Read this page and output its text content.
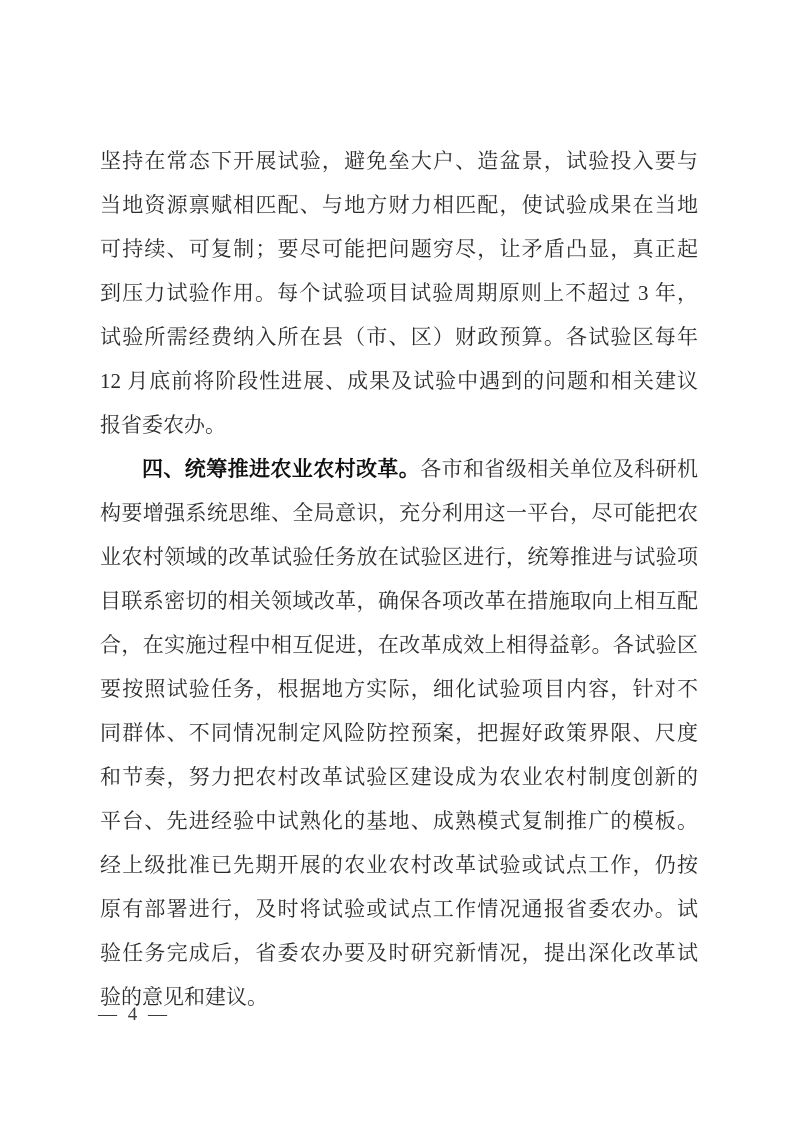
坚持在常态下开展试验，避免垒大户、造盆景，试验投入要与
当地资源禀赋相匹配、与地方财力相匹配，使试验成果在当地
可持续、可复制；要尽可能把问题穷尽，让矛盾凸显，真正起
到压力试验作用。每个试验项目试验周期原则上不超过 3 年，
试验所需经费纳入所在县（市、区）财政预算。各试验区每年
12 月底前将阶段性进展、成果及试验中遇到的问题和相关建议
报省委农办。
四、统筹推进农业农村改革。各市和省级相关单位及科研机
构要增强系统思维、全局意识，充分利用这一平台，尽可能把农
业农村领域的改革试验任务放在试验区进行，统筹推进与试验项
目联系密切的相关领域改革，确保各项改革在措施取向上相互配
合，在实施过程中相互促进，在改革成效上相得益彰。各试验区
要按照试验任务，根据地方实际，细化试验项目内容，针对不
同群体、不同情况制定风险防控预案，把握好政策界限、尺度
和节奏，努力把农村改革试验区建设成为农业农村制度创新的
平台、先进经验中试熟化的基地、成熟模式复制推广的模板。
经上级批准已先期开展的农业农村改革试验或试点工作，仍按
原有部署进行，及时将试验或试点工作情况通报省委农办。试
验任务完成后，省委农办要及时研究新情况，提出深化改革试
验的意见和建议。
— 4 —
